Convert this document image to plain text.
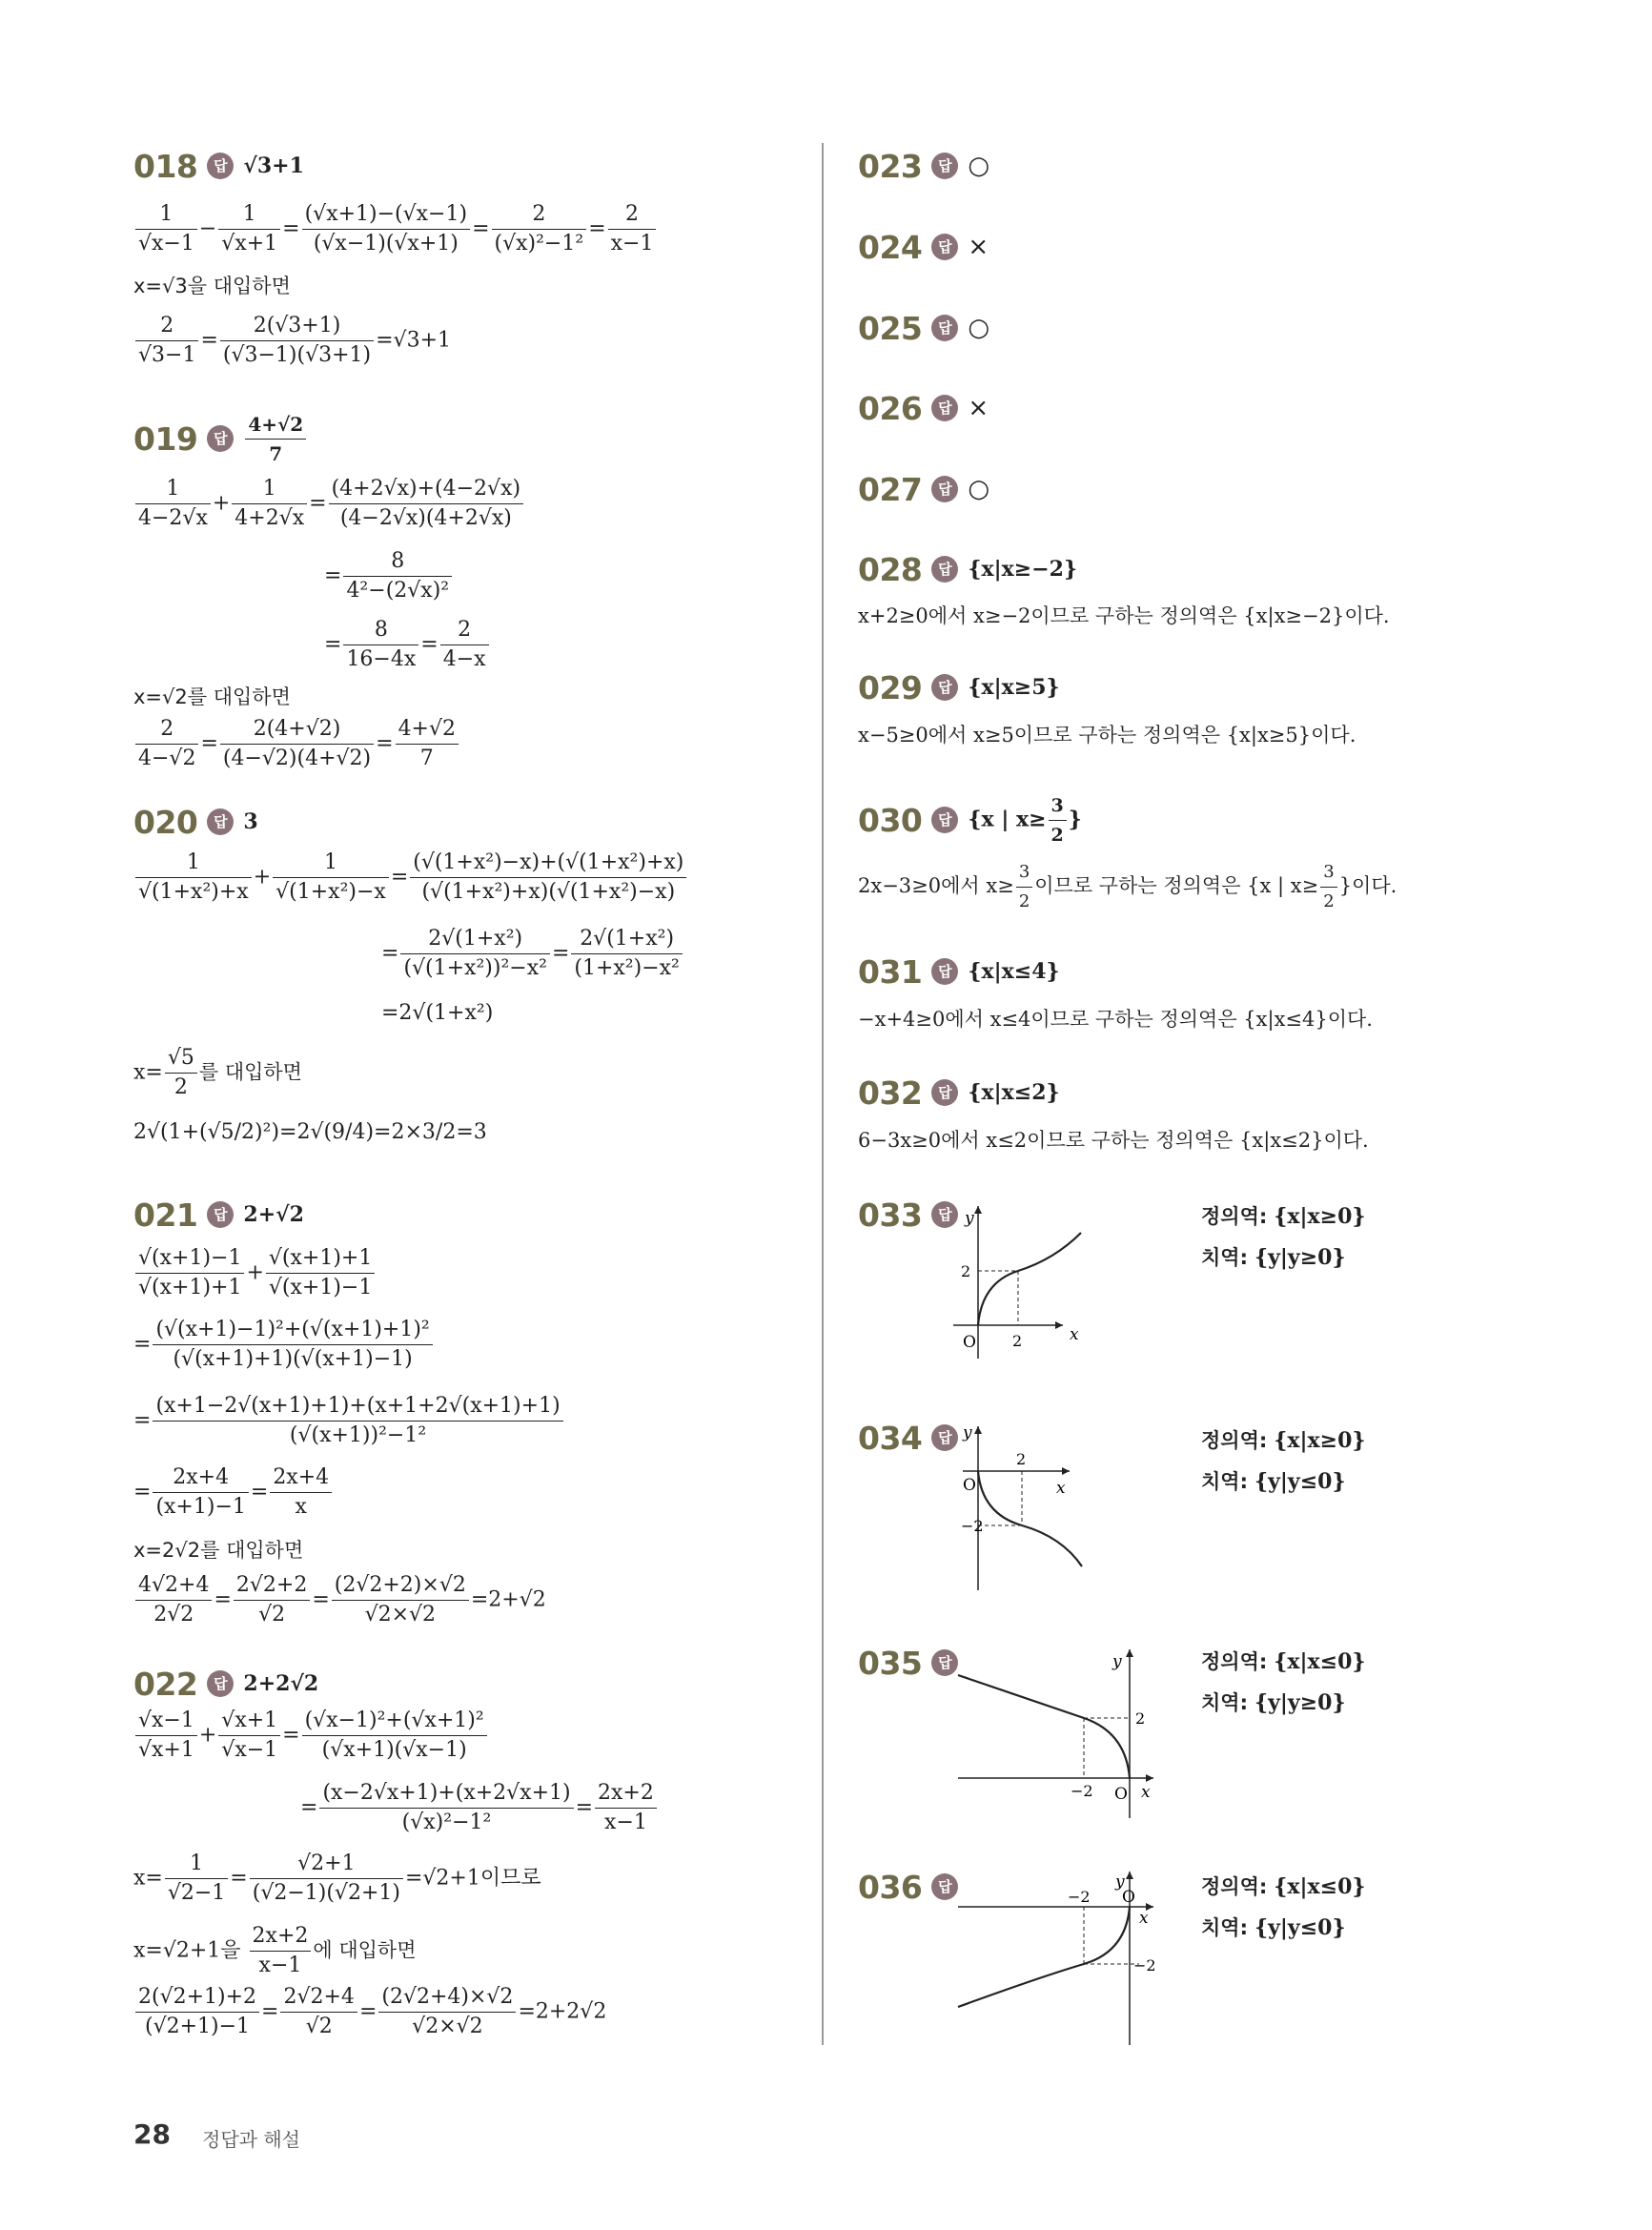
018	답 √3+1
$\frac{1}{√x-1} - \frac{1}{√x+1} = \frac{(√x+1)-(√x-1)}{(√x-1)(√x+1)} = \frac{2}{\text{(√x)²−1²}} = \frac{2}{x-1}$
x=√3을 대입하면
$\frac{2}{√3-1} = \frac{2(√3+1)}{(√3-1)(√3+1)} =√3+1$
019	답 $\frac{4+√2}{7}$
$\frac{1}{4-2√x} + \frac{1}{4+2√x} = \frac{(4+2√x)+(4-2√x)}{(4-2√x)(4+2√x)}$
= $\frac{8}{\text{4²−(2√x)²}}$
= $\frac{8}{16-4x} = \frac{2}{4-x}$
x=√2를 대입하면
$\frac{2}{4-√2} = \frac{2(4+√2)}{(4-√2)(4+√2)} = \frac{4+√2}{7}$
020	답 3
$\frac{1}{\text{√(1+x²)+x}} + \frac{1}{\text{√(1+x²)−x}} = \frac{\text{(√(1+x²)−x)+(√(1+x²)+x)}}{\text{(√(1+x²)+x)(√(1+x²)−x)}}$
= $\frac{\text{2√(1+x²)}}{\text{(√(1+x²))²−x²}} = \frac{\text{2√(1+x²)}}{\text{(1+x²)−x²}}$
=2√(1+x²)
$x= \frac{√5}{2}$ 를 대입하면
2√(1+(√5/2)²)=2√(9/4)=2×3/2=3
021	답 2+√2
$\frac{√(x+1)-1}{√(x+1)+1} + \frac{√(x+1)+1}{√(x+1)-1}$
= $\frac{\text{(√(x+1)−1)²+(√(x+1)+1)²}}{(√(x+1)+1)(√(x+1)-1)}$
= $\frac{(x+1-2√(x+1)+1)+(x+1+2√(x+1)+1)}{\text{(√(x+1))²−1²}}$
= $\frac{2x+4}{(x+1)-1} = \frac{2x+4}{x}$
x=2√2를 대입하면
$\frac{4√2+4}{2√2} = \frac{2√2+2}{√2} = \frac{(2√2+2)\times√2}{√2\times√2} =2+√2$
022	답 2+2√2
$\frac{√x-1}{√x+1} + \frac{√x+1}{√x-1} = \frac{\text{(√x−1)²+(√x+1)²}}{(√x+1)(√x-1)}$
= $\frac{(x-2√x+1)+(x+2√x+1)}{\text{(√x)²−1²}} = \frac{2x+2}{x-1}$
$x= \frac{1}{√2-1} = \frac{√2+1}{(√2-1)(√2+1)} =√2+1$이므로
x=√2+1을 $\frac{2x+2}{x-1}$ 에 대입하면
$\frac{2(√2+1)+2}{(√2+1)-1} = \frac{2√2+4}{√2} = \frac{(2√2+4)\times√2}{√2\times√2} =2+2√2$
023	답 ○
024	답 ×
025	답 ○
026	답 ×
027	답 ○
028	답 {x|x≥−2}
x+2≥0에서 x≥−2이므로 구하는 정의역은 {x|x≥−2}이다.
029	답 {x|x≥5}
x−5≥0에서 x≥5이므로 구하는 정의역은 {x|x≥5}이다.
030	답 {x | $x\ge \frac{3}{2}$ }
2x−3≥0에서 $x\ge \frac{3}{2}$ 이므로 구하는 정의역은 {x | $x\ge \frac{3}{2}$ }이다.
031	답 {x|x≤4}
−x+4≥0에서 x≤4이므로 구하는 정의역은 {x|x≤4}이다.
032	답 {x|x≤2}
6−3x≥0에서 x≤2이므로 구하는 정의역은 {x|x≤2}이다.
033	답 y
x
O 2
2
정의역: {x|x≥0}
치역: {y|y≥0}
034	답 y
x
O
2
−2
정의역: {x|x≥0}
치역: {y|y≤0}
035	답	y
x
O
−2
2
정의역: {x|x≤0}
치역: {y|y≥0}
036	답	y
x
O
−2
−2
정의역: {x|x≤0}
치역: {y|y≤0}
28 정답과 해설
